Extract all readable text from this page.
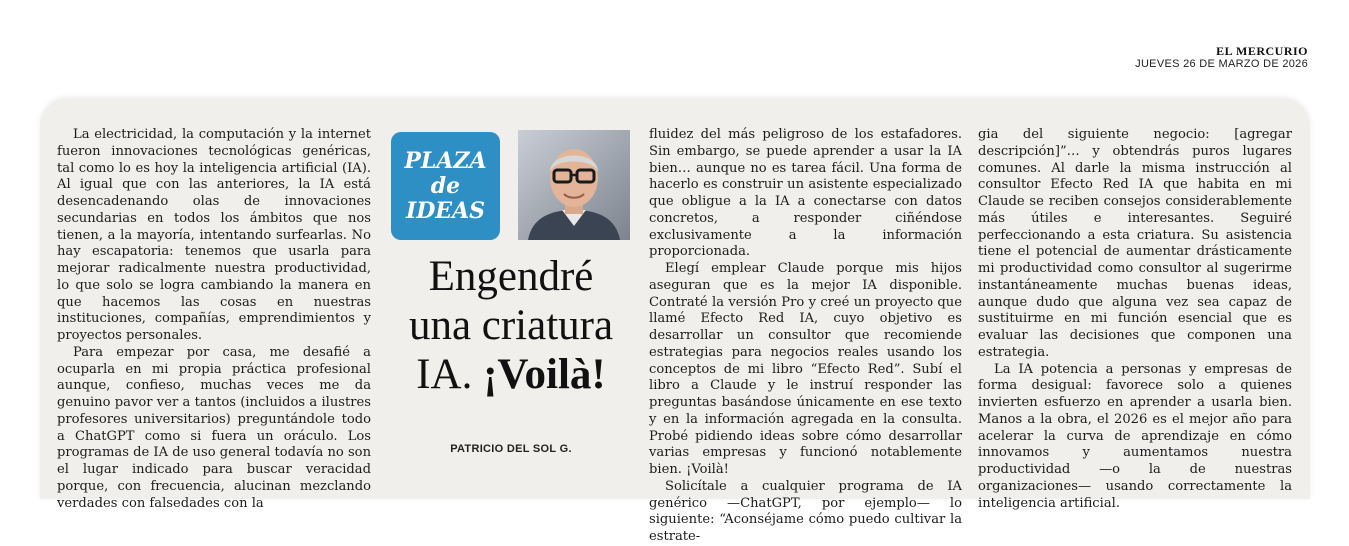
EL MERCURIO
JUEVES 26 DE MARZO DE 2026

La electricidad, la computación y la internet fueron innovaciones tecnológicas genéricas, tal como lo es hoy la inteligencia artificial (IA). Al igual que con las anteriores, la IA está desencadenando olas de innovaciones secundarias en todos los ámbitos que nos tienen, a la mayoría, intentando surfearlas. No hay escapatoria: tenemos que usarla para mejorar radicalmente nuestra productividad, lo que solo se logra cambiando la manera en que hacemos las cosas en nuestras instituciones, compañías, emprendimientos y proyectos personales.

Para empezar por casa, me desafié a ocuparla en mi propia práctica profesional aunque, confieso, muchas veces me da genuino pavor ver a tantos (incluidos a ilustres profesores universitarios) preguntándole todo a ChatGPT como si fuera un oráculo. Los programas de IA de uso general todavía no son el lugar indicado para buscar veracidad porque, con frecuencia, alucinan mezclando verdades con falsedades con la

PLAZA
de
IDEAS
Engendré
una criatura
IA. ¡Voilà!
PATRICIO DEL SOL G.

fluidez del más peligroso de los estafadores. Sin embargo, se puede aprender a usar la IA bien… aunque no es tarea fácil. Una forma de hacerlo es construir un asistente especializado que obligue a la IA a conectarse con datos concretos, a responder ciñéndose exclusivamente a la información proporcionada.

Elegí emplear Claude porque mis hijos aseguran que es la mejor IA disponible. Contraté la versión Pro y creé un proyecto que llamé Efecto Red IA, cuyo objetivo es desarrollar un consultor que recomiende estrategias para negocios reales usando los conceptos de mi libro “Efecto Red”. Subí el libro a Claude y le instruí responder las preguntas basándose únicamente en ese texto y en la información agregada en la consulta. Probé pidiendo ideas sobre cómo desarrollar varias empresas y funcionó notablemente bien. ¡Voilà!

Solicítale a cualquier programa de IA genérico —ChatGPT, por ejemplo— lo siguiente: “Aconséjame cómo puedo cultivar la estrate-

gia del siguiente negocio: [agregar descripción]”… y obtendrás puros lugares comunes. Al darle la misma instrucción al consultor Efecto Red IA que habita en mi Claude se reciben consejos considerablemente más útiles e interesantes. Seguiré perfeccionando a esta criatura. Su asistencia tiene el potencial de aumentar drásticamente mi productividad como consultor al sugerirme instantáneamente muchas buenas ideas, aunque dudo que alguna vez sea capaz de sustituirme en mi función esencial que es evaluar las decisiones que componen una estrategia.

La IA potencia a personas y empresas de forma desigual: favorece solo a quienes invierten esfuerzo en aprender a usarla bien. Manos a la obra, el 2026 es el mejor año para acelerar la curva de aprendizaje en cómo innovamos y aumentamos nuestra productividad —o la de nuestras organizaciones— usando correctamente la inteligencia artificial.
